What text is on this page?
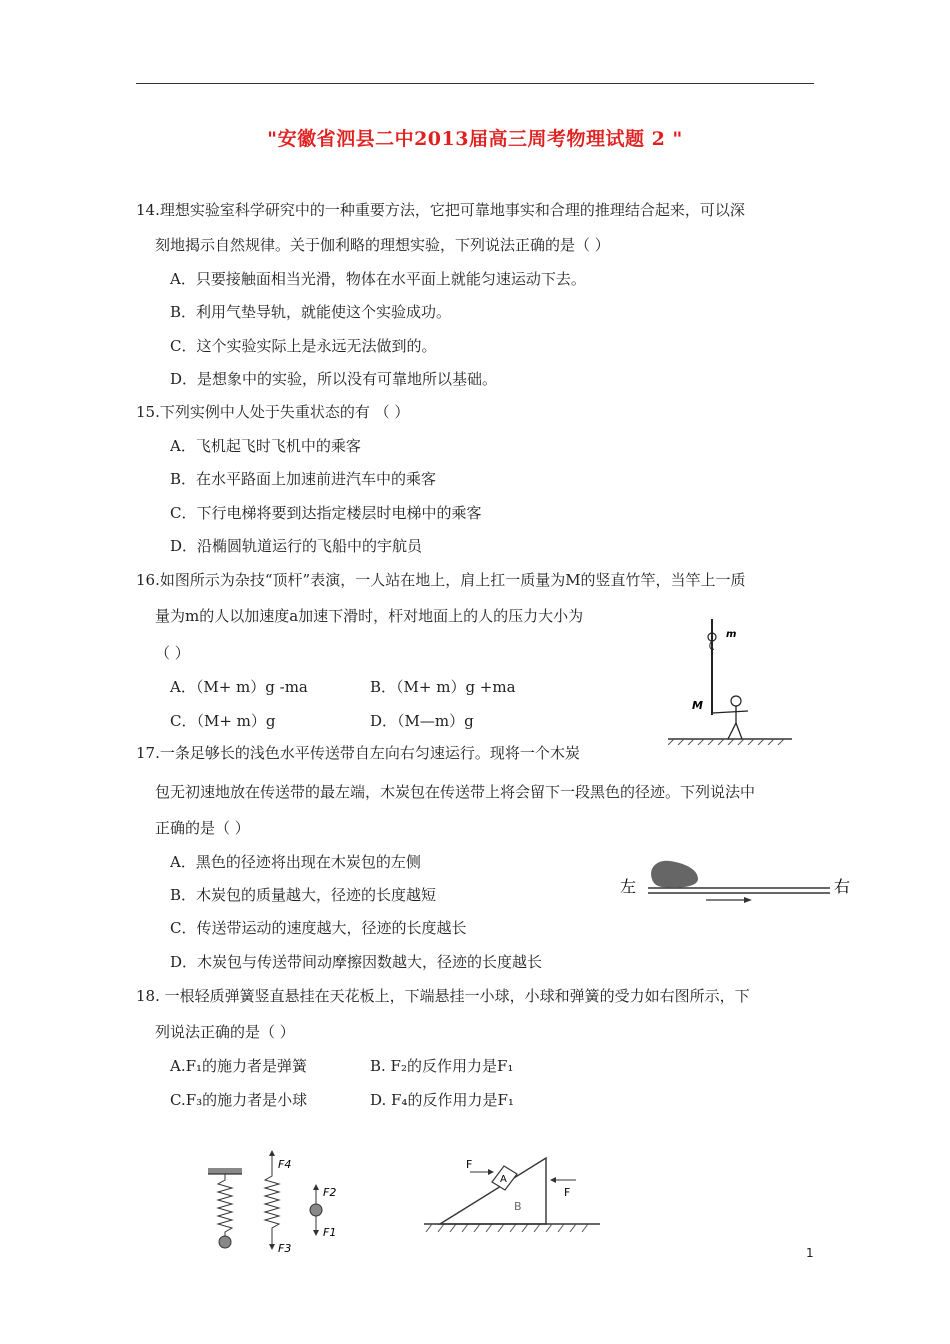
"安徽省泗县二中2013届高三周考物理试题 2 "
14.理想实验室科学研究中的一种重要方法，它把可靠地事实和合理的推理结合起来，可以深
刻地揭示自然规律。关于伽利略的理想实验，下列说法正确的是（ ）
A．只要接触面相当光滑，物体在水平面上就能匀速运动下去。
B．利用气垫导轨，就能使这个实验成功。
C．这个实验实际上是永远无法做到的。
D．是想象中的实验，所以没有可靠地所以基础。
15.下列实例中人处于失重状态的有 （ ）
A．飞机起飞时飞机中的乘客
B．在水平路面上加速前进汽车中的乘客
C．下行电梯将要到达指定楼层时电梯中的乘客
D．沿椭圆轨道运行的飞船中的宇航员
16.如图所示为杂技“顶杆”表演，一人站在地上，肩上扛一质量为M的竖直竹竿，当竿上一质
量为m的人以加速度a加速下滑时，杆对地面上的人的压力大小为
（ ）
A．（M+ m）g -ma	B．（M+ m）g +ma
C．（M+ m）g	D．（M—m）g
m
M
17.一条足够长的浅色水平传送带自左向右匀速运行。现将一个木炭
包无初速地放在传送带的最左端，木炭包在传送带上将会留下一段黑色的径迹。下列说法中
正确的是（ ）
A．黑色的径迹将出现在木炭包的左侧
B．木炭包的质量越大，径迹的长度越短
C．传送带运动的速度越大，径迹的长度越长
D．木炭包与传送带间动摩擦因数越大，径迹的长度越长
左	右
18. 一根轻质弹簧竖直悬挂在天花板上，下端悬挂一小球，小球和弹簧的受力如右图所示，下
列说法正确的是（ ）
A.F₁的施力者是弹簧	B. F₂的反作用力是F₁
C.F₃的施力者是小球	D. F₄的反作用力是F₁
F4
F3
F2
F1
A
F
B
F
1
